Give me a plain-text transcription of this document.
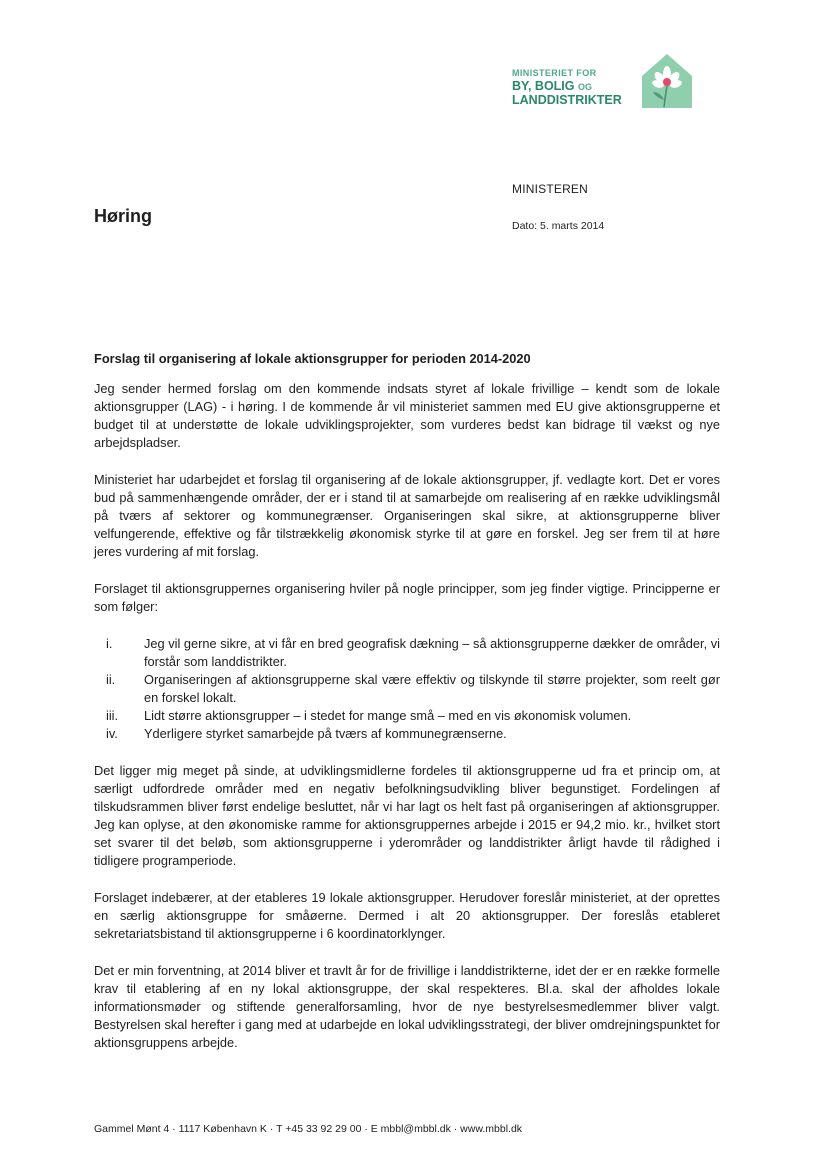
MINISTERIET FOR
BY, BOLIG OG
LANDDISTRIKTER
MINISTEREN
Høring	Dato: 5. marts 2014

Forslag til organisering af lokale aktionsgrupper for perioden 2014-2020

Jeg sender hermed forslag om den kommende indsats styret af lokale frivillige – kendt som de lokale aktionsgrupper (LAG) - i høring. I de kommende år vil ministeriet sammen med EU give aktionsgrupperne et budget til at understøtte de lokale udviklingsprojekter, som vurderes bedst kan bidrage til vækst og nye arbejdspladser.

Ministeriet har udarbejdet et forslag til organisering af de lokale aktionsgrupper, jf. vedlagte kort. Det er vores bud på sammenhængende områder, der er i stand til at samarbejde om realisering af en række udviklingsmål på tværs af sektorer og kommunegrænser. Organiseringen skal sikre, at aktionsgrupperne bliver velfungerende, effektive og får tilstrækkelig økonomisk styrke til at gøre en forskel. Jeg ser frem til at høre jeres vurdering af mit forslag.

Forslaget til aktionsgruppernes organisering hviler på nogle principper, som jeg finder vigtige. Principperne er som følger:

i. Jeg vil gerne sikre, at vi får en bred geografisk dækning – så aktionsgrupperne dækker de områder, vi forstår som landdistrikter.
ii. Organiseringen af aktionsgrupperne skal være effektiv og tilskynde til større projekter, som reelt gør en forskel lokalt.
iii. Lidt større aktionsgrupper – i stedet for mange små – med en vis økonomisk volumen.
iv. Yderligere styrket samarbejde på tværs af kommunegrænserne.

Det ligger mig meget på sinde, at udviklingsmidlerne fordeles til aktionsgrupperne ud fra et princip om, at særligt udfordrede områder med en negativ befolkningsudvikling bliver begunstiget. Fordelingen af tilskudsrammen bliver først endelige besluttet, når vi har lagt os helt fast på organiseringen af aktionsgrupper. Jeg kan oplyse, at den økonomiske ramme for aktionsgruppernes arbejde i 2015 er 94,2 mio. kr., hvilket stort set svarer til det beløb, som aktionsgrupperne i yderområder og landdistrikter årligt havde til rådighed i tidligere programperiode.

Forslaget indebærer, at der etableres 19 lokale aktionsgrupper. Herudover foreslår ministeriet, at der oprettes en særlig aktionsgruppe for småøerne. Dermed i alt 20 aktionsgrupper. Der foreslås etableret sekretariatsbistand til aktionsgrupperne i 6 koordinatorklynger.

Det er min forventning, at 2014 bliver et travlt år for de frivillige i landdistrikterne, idet der er en række formelle krav til etablering af en ny lokal aktionsgruppe, der skal respekteres. Bl.a. skal der afholdes lokale informationsmøder og stiftende generalforsamling, hvor de nye bestyrelsesmedlemmer bliver valgt. Bestyrelsen skal herefter i gang med at udarbejde en lokal udviklingsstrategi, der bliver omdrejningspunktet for aktionsgruppens arbejde.

Gammel Mønt 4 · 1117 København K · T +45 33 92 29 00 · E mbbl@mbbl.dk · www.mbbl.dk
